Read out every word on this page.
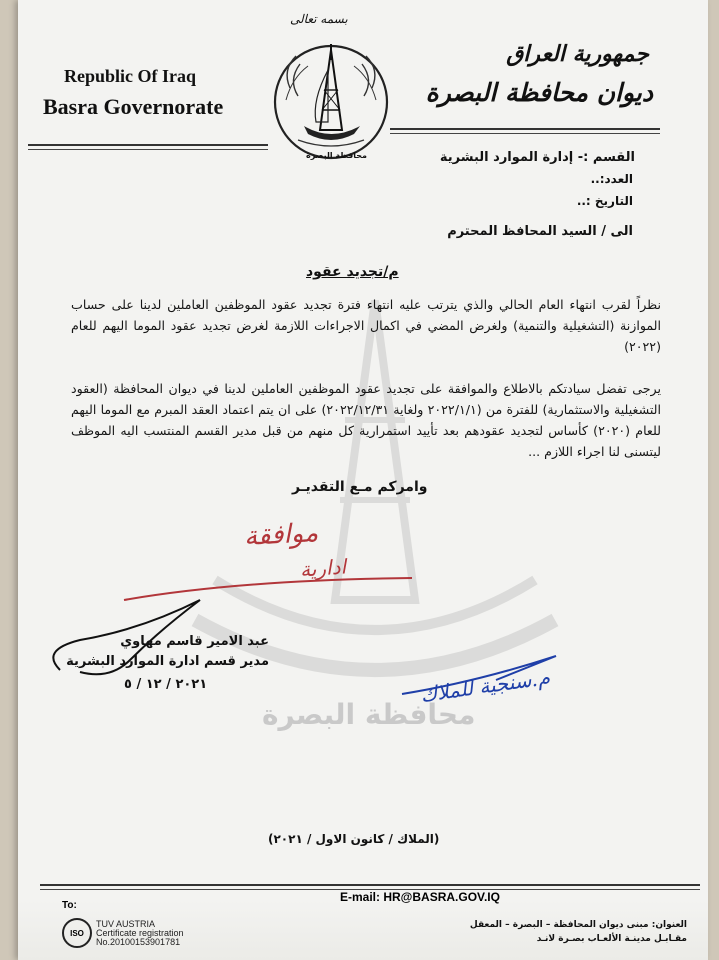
بسمه تعالى
Republic Of Iraq
Basra Governorate
جمهورية العراق
ديوان محافظة البصرة
محافظة البصرة	القسم :- إدارة الموارد البشرية
العدد:..
التاريخ :..
الى / السيد المحافظ المحترم
محافظة البصرة
م/تجديد عقود
نظراً لقرب انتهاء العام الحالي والذي يترتب عليه انتهاء فترة تجديد عقود الموظفين العاملين لدينا على حساب الموازنة (التشغيلية والتنمية) ولغرض المضي في اكمال الاجراءات اللازمة لغرض تجديد عقود الموما اليهم للعام (٢٠٢٢)
يرجى تفضل سيادتكم بالاطلاع والموافقة على تجديد عقود الموظفين العاملين لدينا في ديوان المحافظة (العقود التشغيلية والاستثمارية) للفترة من (٢٠٢٢/١/١ ولغاية ٢٠٢٢/١٢/٣١) على ان يتم اعتماد العقد المبرم مع الموما اليهم للعام (٢٠٢٠) كأساس لتجديد عقودهم بعد تأييد استمرارية كل منهم من قبل مدير القسم المنتسب اليه الموظف ليتسنى لنا اجراء اللازم ...
وامركم مـع التقديـر
موافقة
ادارية
عبد الامير قاسم مهاوي
مدير قسم ادارة الموارد البشرية
٢٠٢١ / ١٢ / ٥	م.سنجية للملاك
(الملاك / كانون الاول / ٢٠٢١)
E-mail: HR@BASRA.GOV.IQ
To:
ISO
TUV AUSTRIA
Certificate registration
No.20100153901781
العنوان: مبنى ديوان المحافظة – البصرة – المعقل
مقـابـل مدينـة الألعـاب بصـرة لانـد
